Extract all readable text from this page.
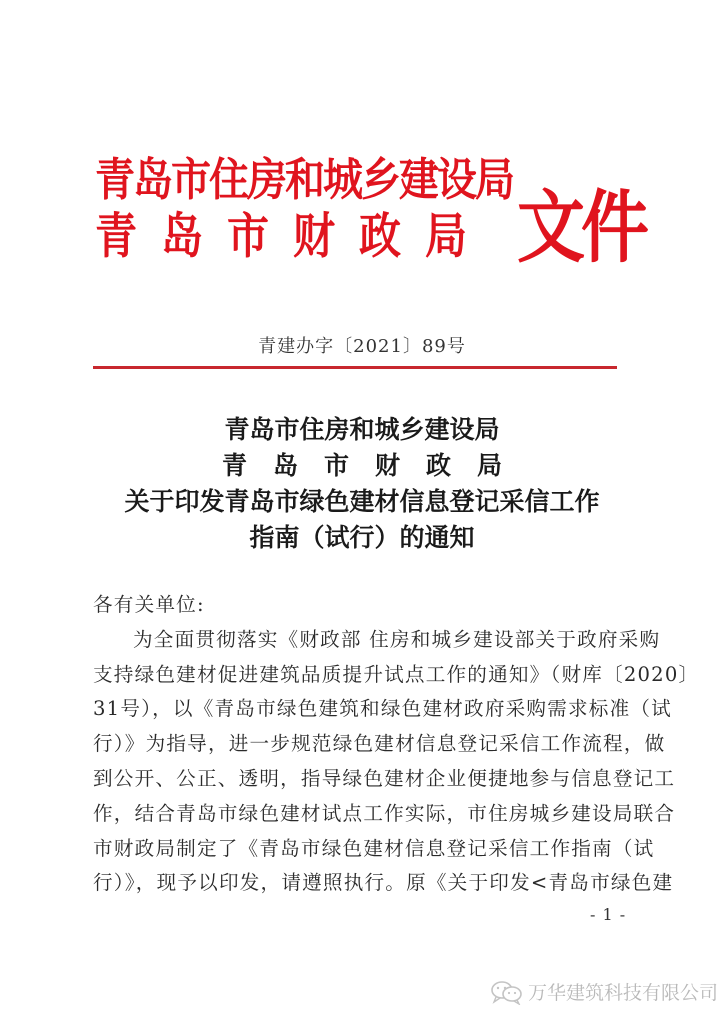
青岛市住房和城乡建设局
青岛市财政局 文件
青建办字〔2021〕89号
青岛市住房和城乡建设局
青岛市财政局
关于印发青岛市绿色建材信息登记采信工作
指南（试行）的通知
各有关单位:
为全面贯彻落实《财政部 住房和城乡建设部关于政府采购
支持绿色建材促进建筑品质提升试点工作的通知》（财库〔2020〕
31号），以《青岛市绿色建筑和绿色建材政府采购需求标准（试
行）》为指导，进一步规范绿色建材信息登记采信工作流程，做
到公开、公正、透明，指导绿色建材企业便捷地参与信息登记工
作，结合青岛市绿色建材试点工作实际，市住房城乡建设局联合
市财政局制定了《青岛市绿色建材信息登记采信工作指南（试
行）》，现予以印发，请遵照执行。原《关于印发<青岛市绿色建
- 1 -
万华建筑科技有限公司
